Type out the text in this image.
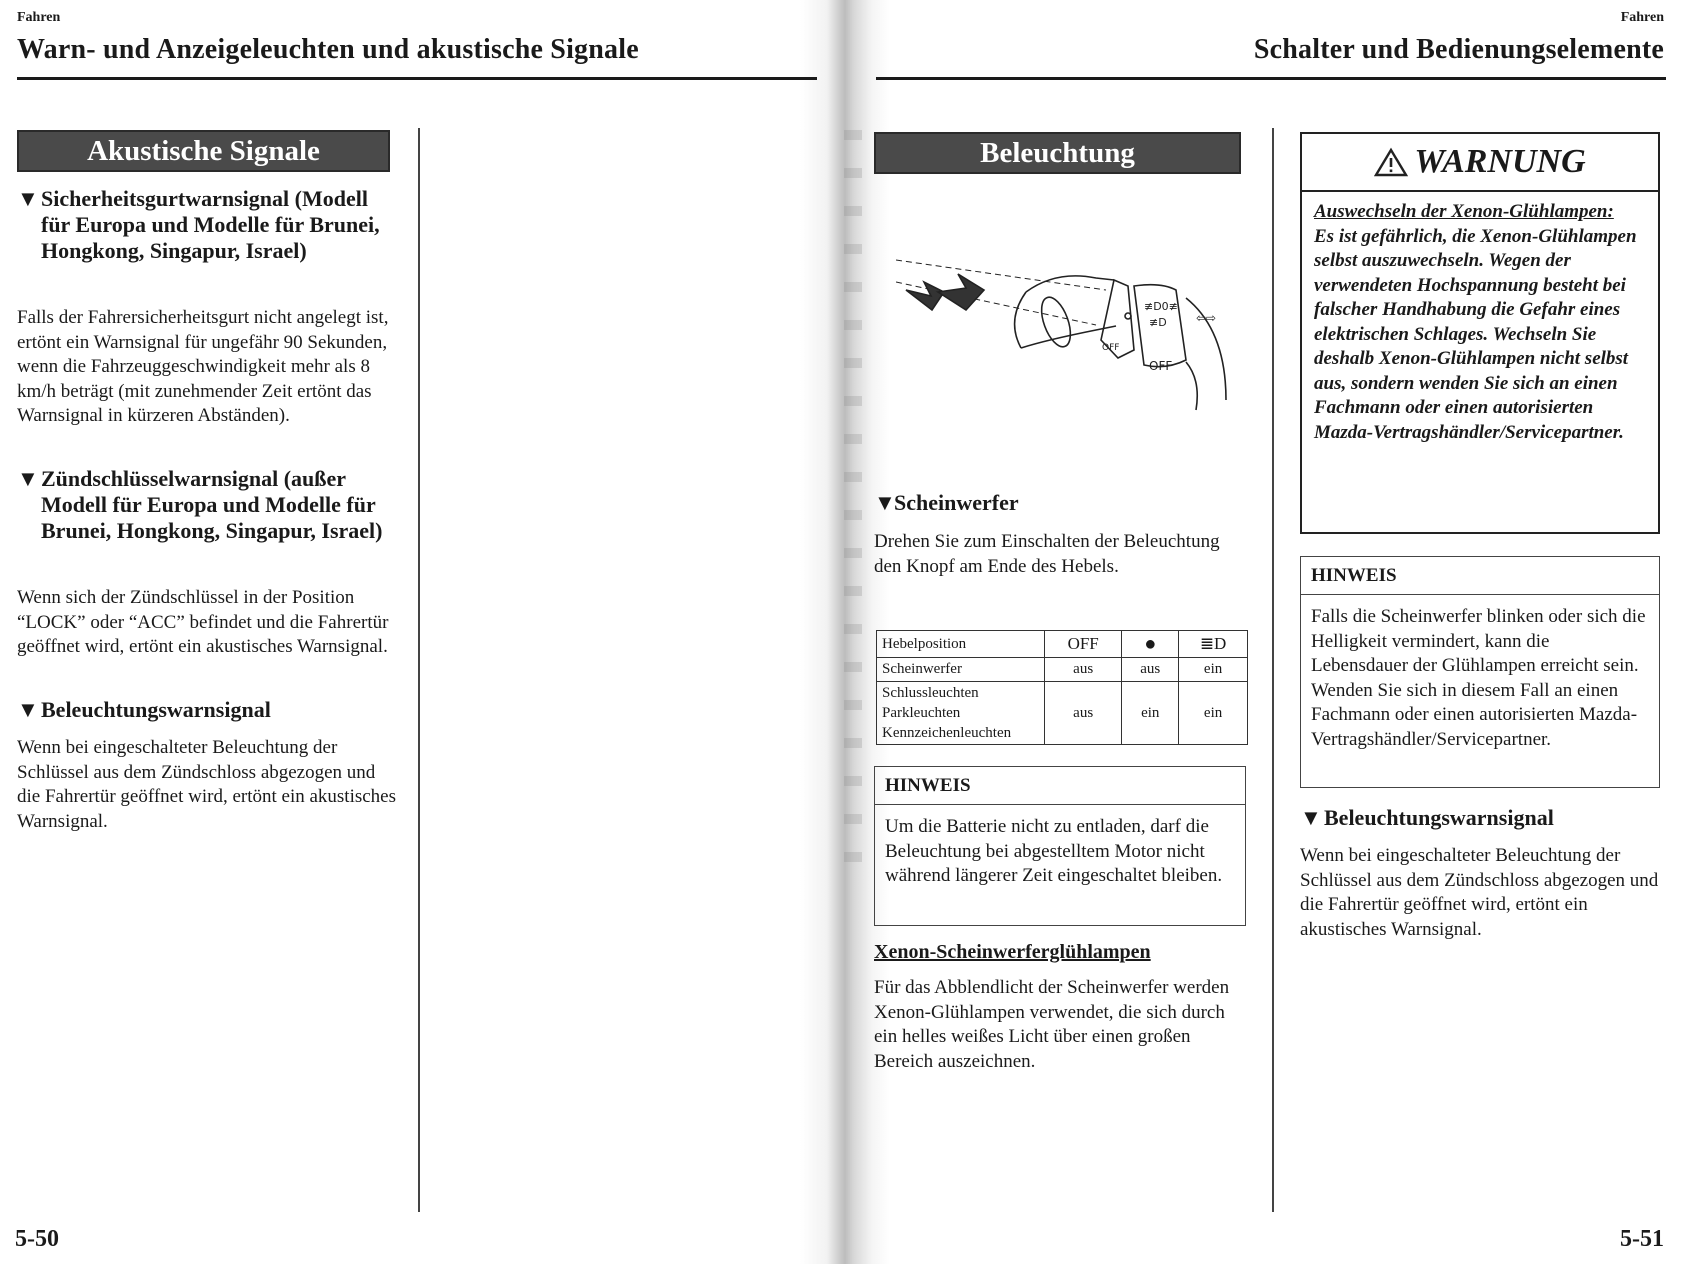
Fahren
Warn- und Anzeigeleuchten und akustische Signale
Akustische Signale
▼ Sicherheitsgurtwarnsignal (Modell für Europa und Modelle für Brunei, Hongkong, Singapur, Israel)
Falls der Fahrersicherheitsgurt nicht angelegt ist, ertönt ein Warnsignal für ungefähr 90 Sekunden, wenn die Fahrzeuggeschwindigkeit mehr als 8 km/h beträgt (mit zunehmender Zeit ertönt das Warnsignal in kürzeren Abständen).
▼ Zündschlüsselwarnsignal (außer Modell für Europa und Modelle für Brunei, Hongkong, Singapur, Israel)
Wenn sich der Zündschlüssel in der Position “LOCK” oder “ACC” befindet und die Fahrertür geöffnet wird, ertönt ein akustisches Warnsignal.
▼ Beleuchtungswarnsignal
Wenn bei eingeschalteter Beleuchtung der Schlüssel aus dem Zündschloss abgezogen und die Fahrertür geöffnet wird, ertönt ein akustisches Warnsignal.
5-50
Fahren
Schalter und Bedienungselemente
Beleuchtung
≢D0≢
≢D ⇦⇨
OFF
OFF
▼Scheinwerfer
Drehen Sie zum Einschalten der Beleuchtung den Knopf am Ende des Hebels.
Hebelposition	OFF	●	≣D
Scheinwerfer	aus	aus	ein

Schlussleuchten
Parkleuchten
Kennzeichenleuchten	aus	ein	ein
HINWEIS
Um die Batterie nicht zu entladen, darf die Beleuchtung bei abgestelltem Motor nicht während längerer Zeit eingeschaltet bleiben.
Xenon-Scheinwerferglühlampen
Für das Abblendlicht der Scheinwerfer werden Xenon-Glühlampen verwendet, die sich durch ein helles weißes Licht über einen großen Bereich auszeichnen.
WARNUNG
Auswechseln der Xenon-Glühlampen:
Es ist gefährlich, die Xenon-Glühlampen selbst auszuwechseln. Wegen der verwendeten Hochspannung besteht bei falscher Handhabung die Gefahr eines elektrischen Schlages. Wechseln Sie deshalb Xenon-Glühlampen nicht selbst aus, sondern wenden Sie sich an einen Fachmann oder einen autorisierten Mazda-Vertragshändler/Servicepartner.
HINWEIS
Falls die Scheinwerfer blinken oder sich die Helligkeit vermindert, kann die Lebensdauer der Glühlampen erreicht sein. Wenden Sie sich in diesem Fall an einen Fachmann oder einen autorisierten Mazda-Vertragshändler/Servicepartner.
▼ Beleuchtungswarnsignal
Wenn bei eingeschalteter Beleuchtung der Schlüssel aus dem Zündschloss abgezogen und die Fahrertür geöffnet wird, ertönt ein akustisches Warnsignal.
5-51
